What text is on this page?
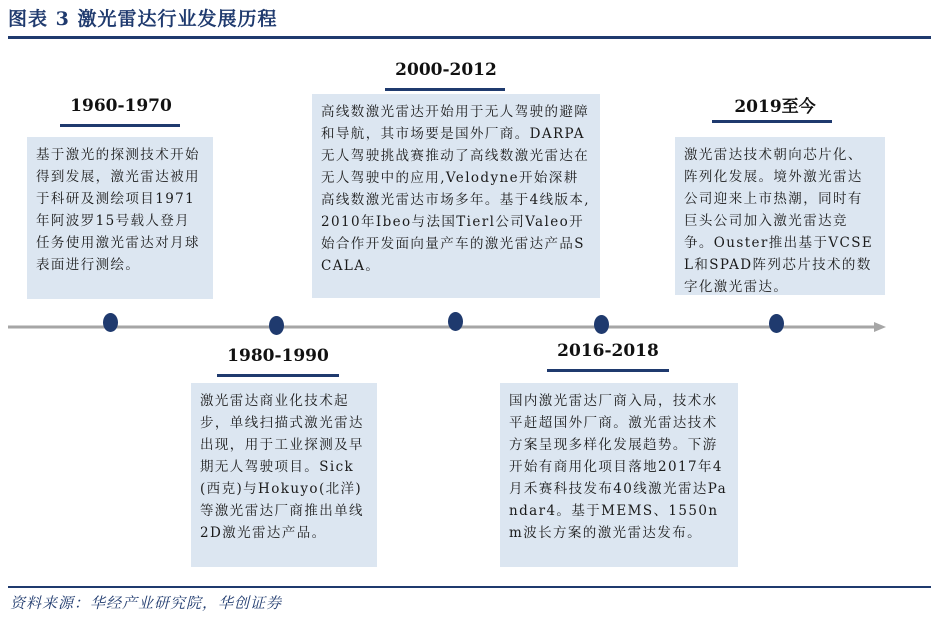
图表 3 激光雷达行业发展历程
1960-1970
基于激光的探测技术开始得到发展，激光雷达被用于科研及测绘项目1971年阿波罗15号载人登月任务使用激光雷达对月球表面进行测绘。
2000-2012
高线数激光雷达开始用于无人驾驶的避障和导航，其市场要是国外厂商。DARPA无人驾驶挑战赛推动了高线数激光雷达在无人驾驶中的应用,Velodyne开始深耕高线数激光雷达市场多年。基于4线版本,2010年Ibeo与法国Tierl公司Valeo开始合作开发面向量产车的激光雷达产品SCALA。
2019至今
激光雷达技术朝向芯片化、阵列化发展。境外激光雷达公司迎来上市热潮，同时有巨头公司加入激光雷达竞争。Ouster推出基于VCSEL和SPAD阵列芯片技术的数字化激光雷达。
1980-1990
激光雷达商业化技术起步，单线扫描式激光雷达出现，用于工业探测及早期无人驾驶项目。Sick(西克)与Hokuyo(北洋)等激光雷达厂商推出单线2D激光雷达产品。
2016-2018
国内激光雷达厂商入局，技术水平赶超国外厂商。激光雷达技术方案呈现多样化发展趋势。下游开始有商用化项目落地2017年4月禾赛科技发布40线激光雷达Pandar4。基于MEMS、1550nm波长方案的激光雷达发布。
资料来源：华经产业研究院，华创证券
